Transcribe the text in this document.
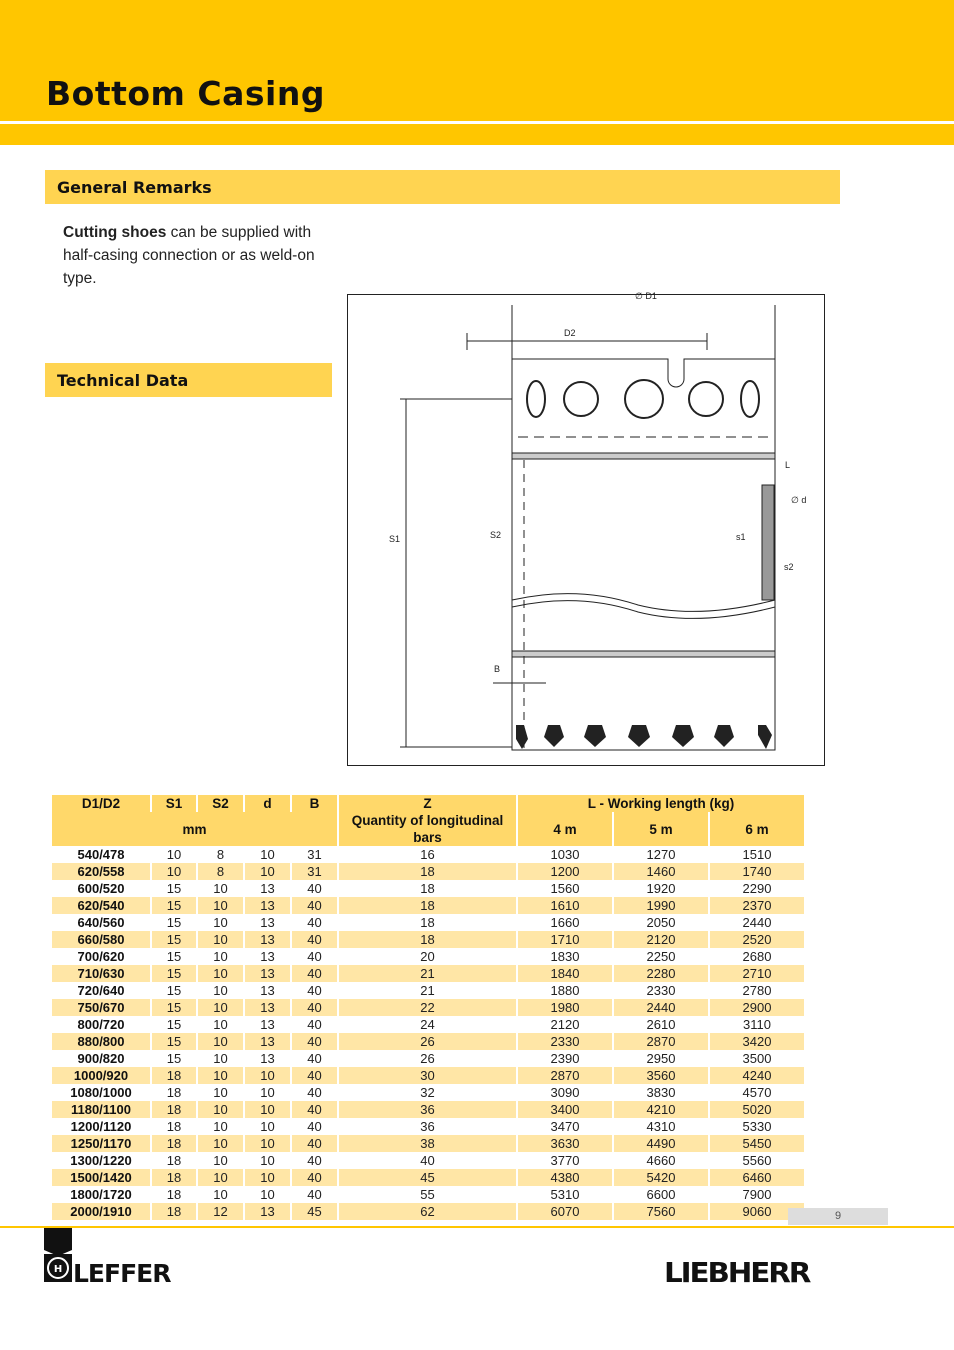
Bottom Casing
General Remarks
Cutting shoes can be supplied with half-casing connection or as weld-on type.
Technical Data
∅ D1
D2
L
∅ d
S1	S2	s1
s2
B
D1/D2	S1	S2	d	B	Z	L - Working length (kg)		
mm					Quantity of longitudinal bars	4 m	5 m	6 m
540/478	10	8	10	31	16	1030	1270	1510
620/558	10	8	10	31	18	1200	1460	1740
600/520	15	10	13	40	18	1560	1920	2290
620/540	15	10	13	40	18	1610	1990	2370
640/560	15	10	13	40	18	1660	2050	2440
660/580	15	10	13	40	18	1710	2120	2520
700/620	15	10	13	40	20	1830	2250	2680
710/630	15	10	13	40	21	1840	2280	2710
720/640	15	10	13	40	21	1880	2330	2780
750/670	15	10	13	40	22	1980	2440	2900
800/720	15	10	13	40	24	2120	2610	3110
880/800	15	10	13	40	26	2330	2870	3420
900/820	15	10	13	40	26	2390	2950	3500
1000/920	18	10	10	40	30	2870	3560	4240
1080/1000	18	10	10	40	32	3090	3830	4570
1180/1100	18	10	10	40	36	3400	4210	5020
1200/1120	18	10	10	40	36	3470	4310	5330
1250/1170	18	10	10	40	38	3630	4490	5450
1300/1220	18	10	10	40	40	3770	4660	5560
1500/1420	18	10	10	40	45	4380	5420	6460
1800/1720	18	10	10	40	55	5310	6600	7900
2000/1910	18	12	13	45	62	6070	7560	9060	9
H LEFFER	LIEBHERR
